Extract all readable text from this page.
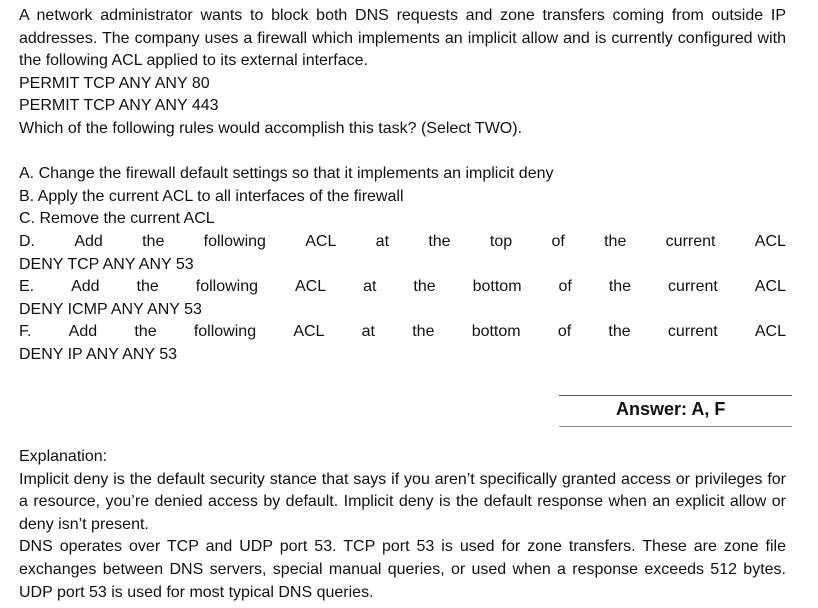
A network administrator wants to block both DNS requests and zone transfers coming from outside IP addresses. The company uses a firewall which implements an implicit allow and is currently configured with the following ACL applied to its external interface.

PERMIT TCP ANY ANY 80

PERMIT TCP ANY ANY 443

Which of the following rules would accomplish this task? (Select TWO).

A. Change the firewall default settings so that it implements an implicit deny

B. Apply the current ACL to all interfaces of the firewall

C. Remove the current ACL

D. Add the following ACL at the top of the current ACL

DENY TCP ANY ANY 53

E. Add the following ACL at the bottom of the current ACL

DENY ICMP ANY ANY 53

F. Add the following ACL at the bottom of the current ACL

DENY IP ANY ANY 53

Answer: A, F

Explanation:

Implicit deny is the default security stance that says if you aren’t specifically granted access or privileges for a resource, you’re denied access by default. Implicit deny is the default response when an explicit allow or deny isn’t present.

DNS operates over TCP and UDP port 53. TCP port 53 is used for zone transfers. These are zone file exchanges between DNS servers, special manual queries, or used when a response exceeds 512 bytes. UDP port 53 is used for most typical DNS queries.
